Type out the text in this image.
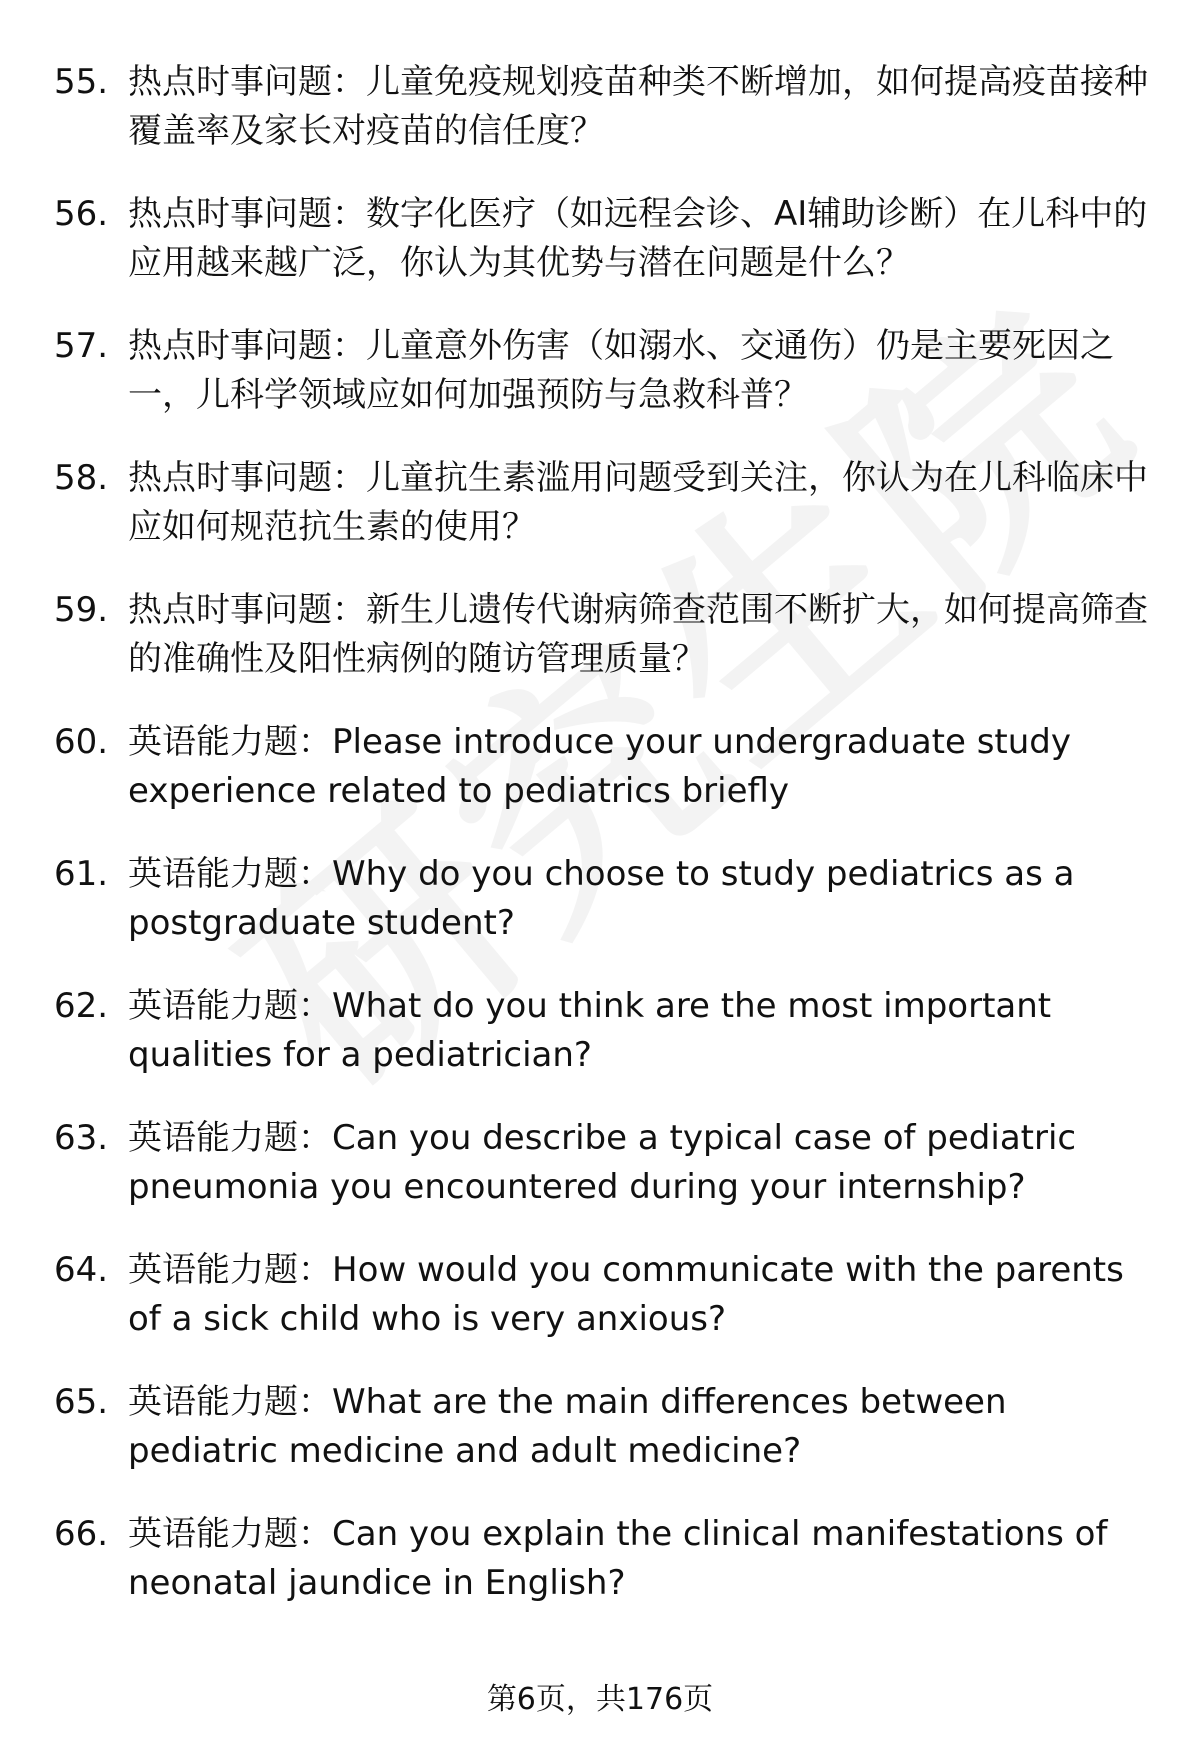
55. 热点时事问题：儿童免疫规划疫苗种类不断增加，如何提高疫苗接种覆盖率及家长对疫苗的信任度？
56. 热点时事问题：数字化医疗（如远程会诊、AI辅助诊断）在儿科中的应用越来越广泛，你认为其优势与潜在问题是什么？
57. 热点时事问题：儿童意外伤害（如溺水、交通伤）仍是主要死因之一，儿科学领域应如何加强预防与急救科普？
58. 热点时事问题：儿童抗生素滥用问题受到关注，你认为在儿科临床中应如何规范抗生素的使用？
59. 热点时事问题：新生儿遗传代谢病筛查范围不断扩大，如何提高筛查的准确性及阳性病例的随访管理质量？
60. 英语能力题：Please introduce your undergraduate study experience related to pediatrics briefly
61. 英语能力题：Why do you choose to study pediatrics as a postgraduate student?
62. 英语能力题：What do you think are the most important qualities for a pediatrician?
63. 英语能力题：Can you describe a typical case of pediatric pneumonia you encountered during your internship?
64. 英语能力题：How would you communicate with the parents of a sick child who is very anxious?
65. 英语能力题：What are the main differences between pediatric medicine and adult medicine?
66. 英语能力题：Can you explain the clinical manifestations of neonatal jaundice in English?
第6页，共176页
